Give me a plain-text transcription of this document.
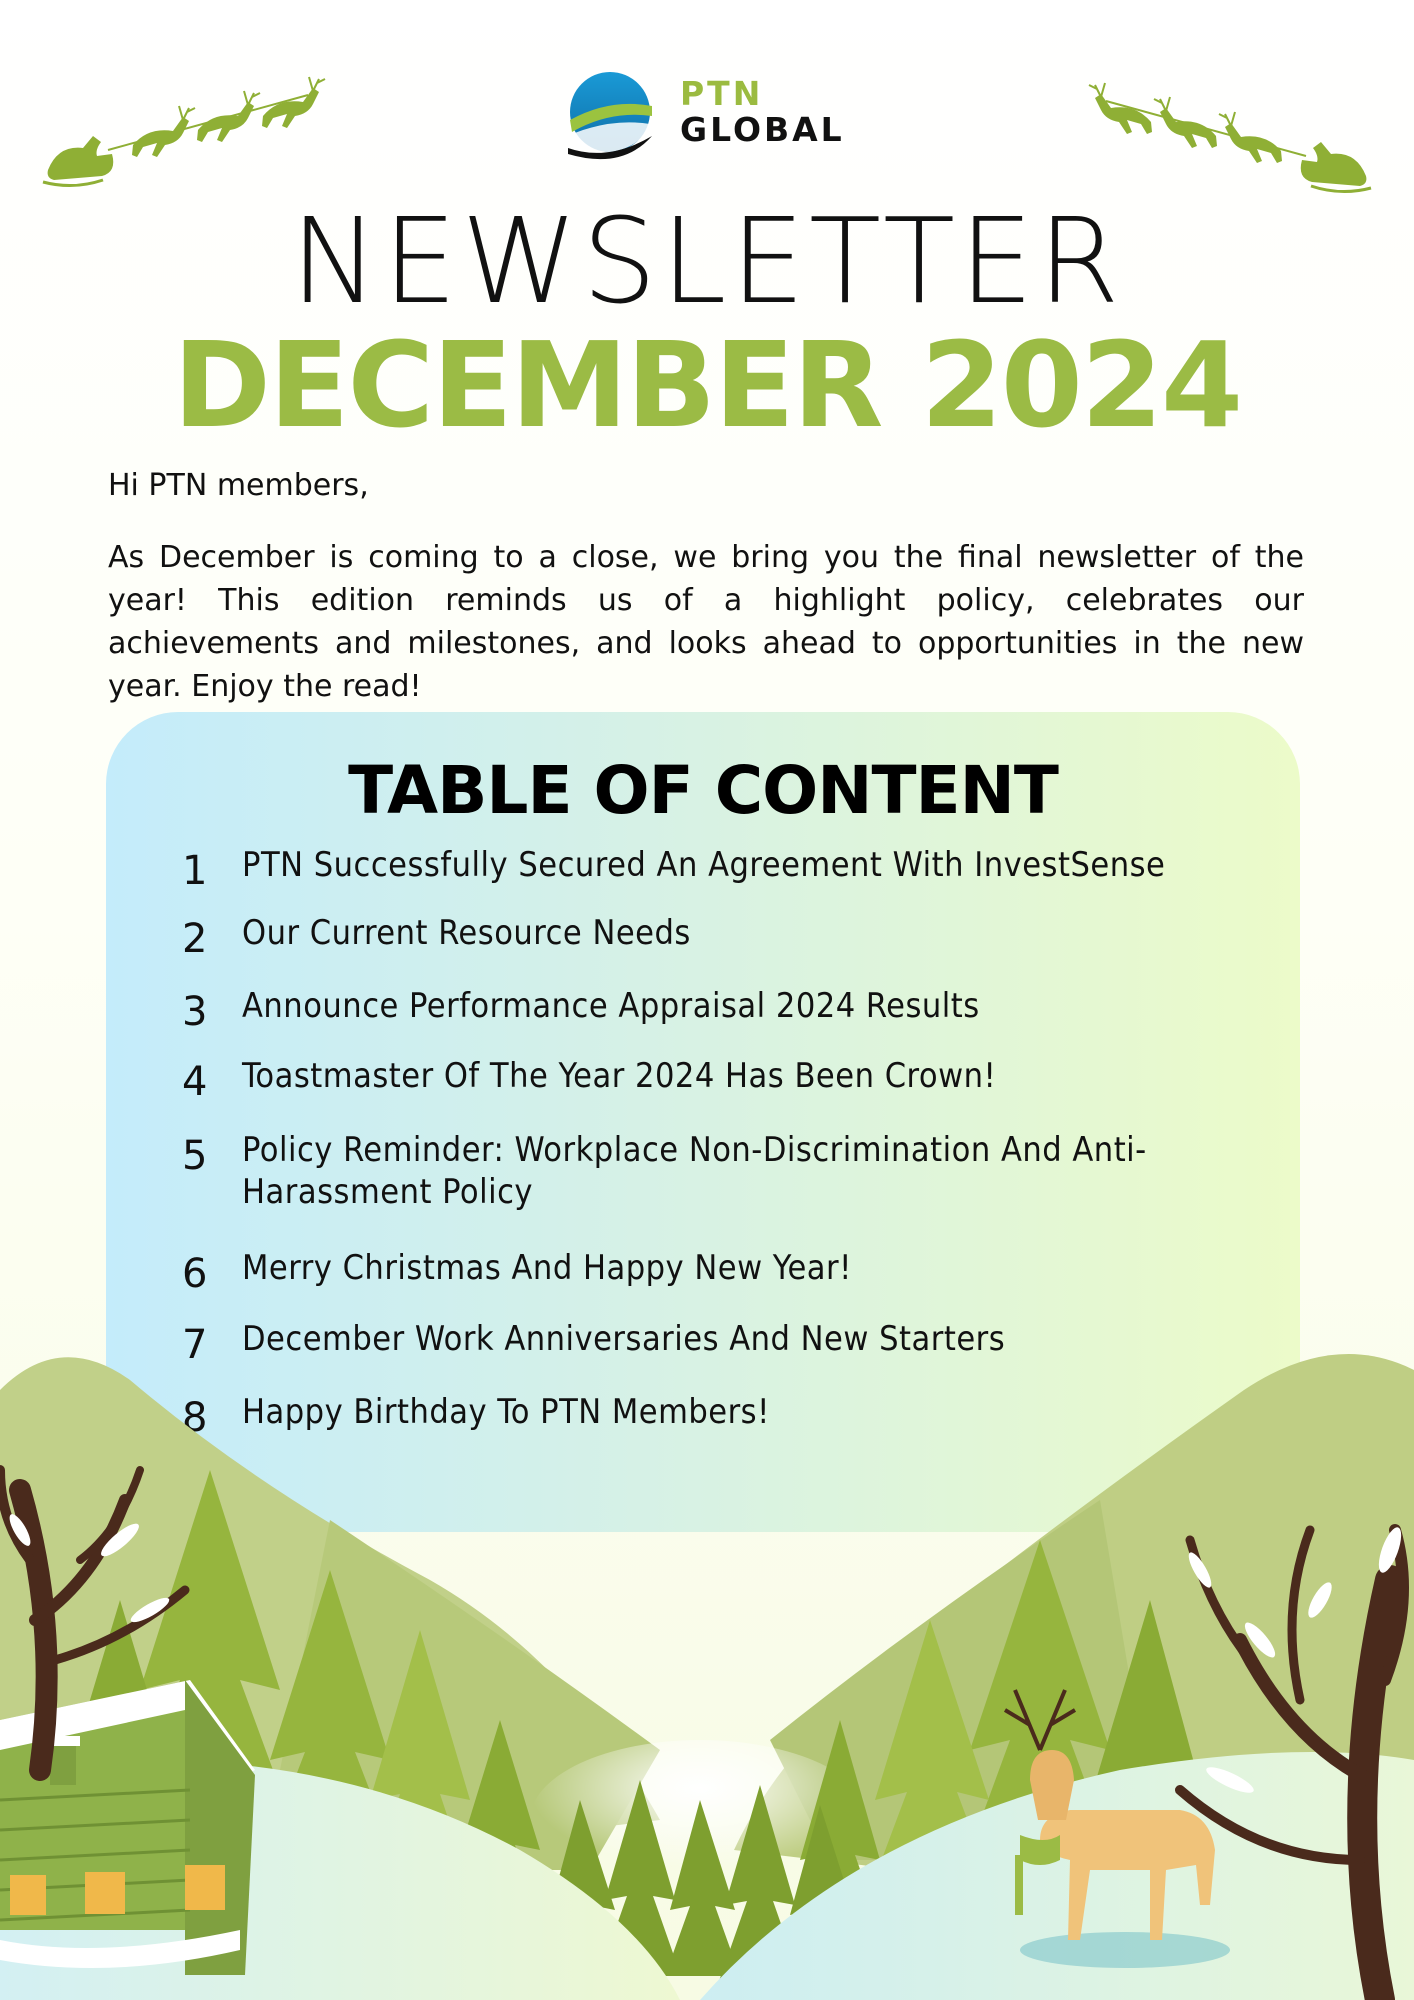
PTN
GLOBAL
NEWSLETTER
DECEMBER 2024
Hi PTN members,
As December is coming to a close, we bring you the final newsletter of the year! This edition reminds us of a highlight policy, celebrates our achievements and milestones, and looks ahead to opportunities in the new year. Enjoy the read!
TABLE OF CONTENT
1	PTN Successfully Secured An Agreement With InvestSense
2	Our Current Resource Needs
3	Announce Performance Appraisal 2024 Results
4	Toastmaster Of The Year 2024 Has Been Crown!
5	Policy Reminder: Workplace Non-Discrimination And Anti-Harassment Policy
6	Merry Christmas And Happy New Year!
7	December Work Anniversaries And New Starters
8	Happy Birthday To PTN Members!
